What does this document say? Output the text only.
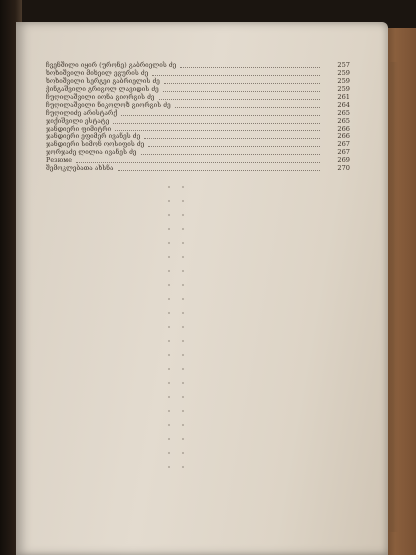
ჩვენშილი იყირ (ურონე) გაბრიელის ძე	257
ხოხიშვილი მიხეილ ეგურის ძე	259
ხოხიშვილი სერგეი გაბრიელის ძე	259
ჭინგაშვილი გრიგოლ ლავიდის ძე	259
ჩუღილაშვილი იონა გიორგის ძე	261
ჩუღილაშვილი ნიკოლოზ გიორგის ძე	264
ჩუღილიძე არისტარქ	265
ჯიქიშვილი ესტატე	265
ჯანდიერი ფიმიტრი	266
ჯანდიერი ეფიმერ ივანეს ძე	266
ჯანდიერი სიმონ ოოსიფის ძე	267
ჯორჯაძე ლილია ივანეს ძე	267
Резюме	269
შემოკლებათა ახსნა	270
